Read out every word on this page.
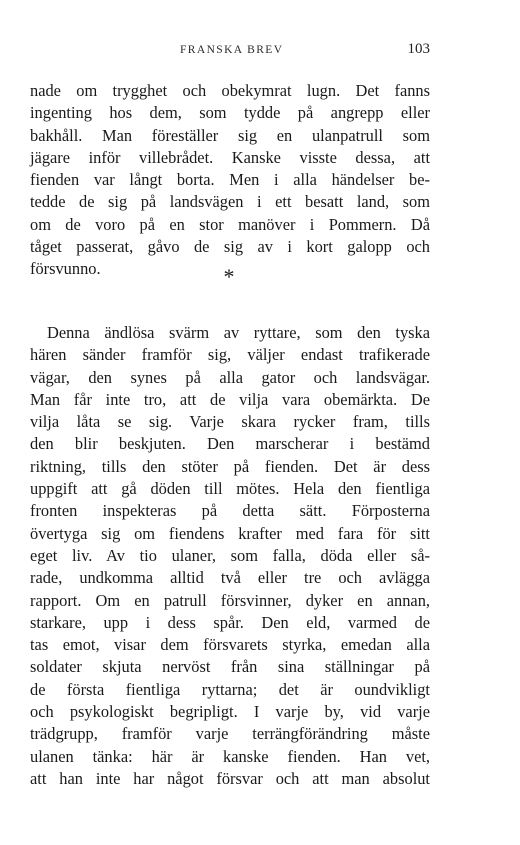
FRANSKA BREV	103
nade om trygghet och obekymrat lugn. Det fanns
ingenting hos dem, som tydde på angrepp eller
bakhåll. Man föreställer sig en ulanpatrull som
jägare inför villebrådet. Kanske visste dessa, att
fienden var långt borta. Men i alla händelser be-
tedde de sig på landsvägen i ett besatt land, som
om de voro på en stor manöver i Pommern. Då
tåget passerat, gåvo de sig av i kort galopp och
försvunno.	*
Denna ändlösa svärm av ryttare, som den tyska
hären sänder framför sig, väljer endast trafikerade
vägar, den synes på alla gator och landsvägar.
Man får inte tro, att de vilja vara obemärkta. De
vilja låta se sig. Varje skara rycker fram, tills
den blir beskjuten. Den marscherar i bestämd
riktning, tills den stöter på fienden. Det är dess
uppgift att gå döden till mötes. Hela den fientliga
fronten inspekteras på detta sätt. Förposterna
övertyga sig om fiendens krafter med fara för sitt
eget liv. Av tio ulaner, som falla, döda eller så-
rade, undkomma alltid två eller tre och avlägga
rapport. Om en patrull försvinner, dyker en annan,
starkare, upp i dess spår. Den eld, varmed de
tas emot, visar dem försvarets styrka, emedan alla
soldater skjuta nervöst från sina ställningar på
de första fientliga ryttarna; det är oundvikligt
och psykologiskt begripligt. I varje by, vid varje
trädgrupp, framför varje terrängförändring måste
ulanen tänka: här är kanske fienden. Han vet,
att han inte har något försvar och att man absolut
